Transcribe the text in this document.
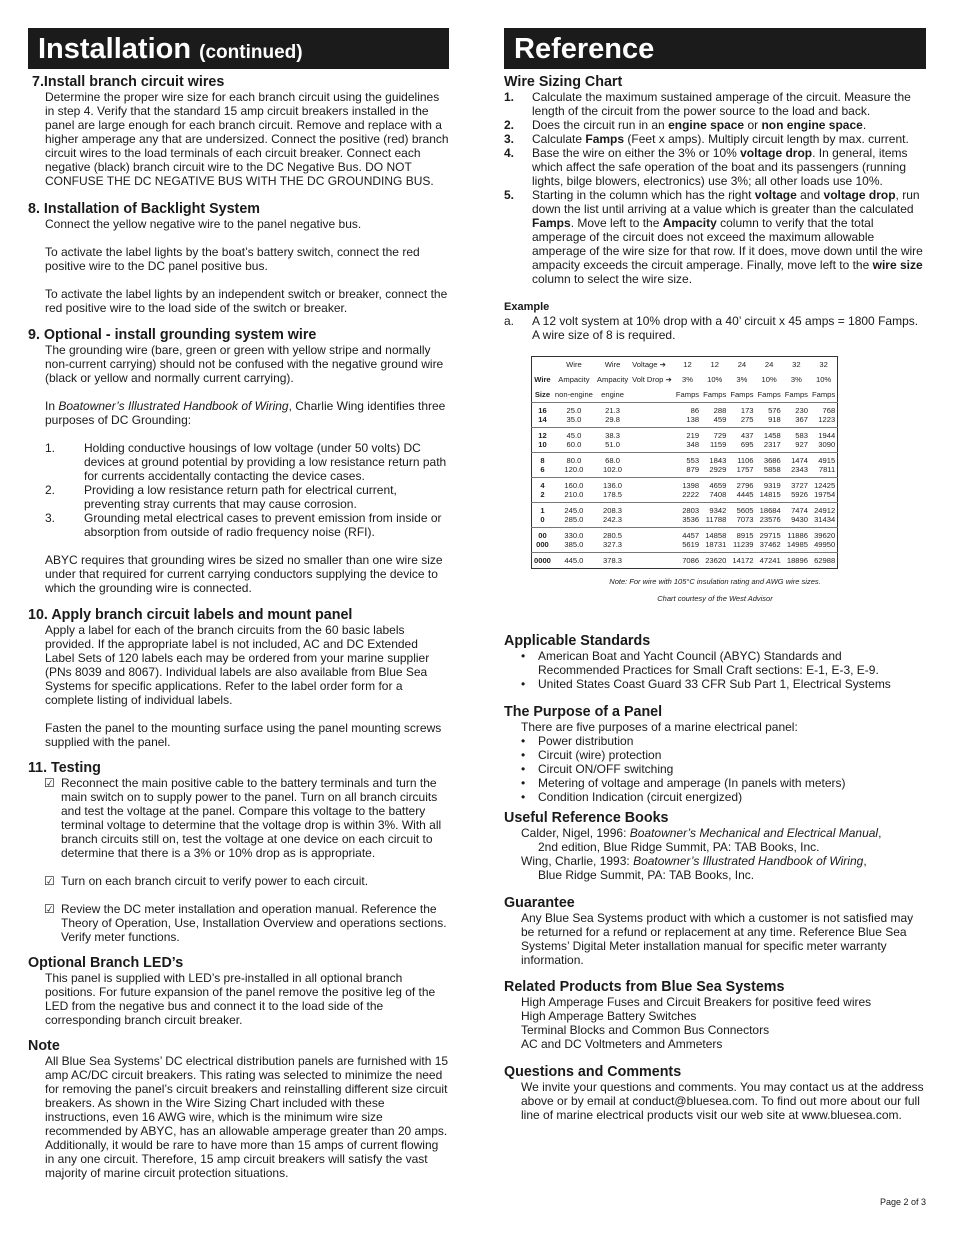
Installation (continued)
7.Install branch circuit wires

Determine the proper wire size for each branch circuit using the guidelines in step 4. Verify that the standard 15 amp circuit breakers installed in the panel are large enough for each branch circuit. Remove and replace with a higher amperage any that are undersized. Connect the positive (red) branch circuit wires to the load terminals of each circuit breaker. Connect each negative (black) branch circuit wire to the DC Negative Bus. DO NOT CONFUSE THE DC NEGATIVE BUS WITH THE DC GROUNDING BUS.

8. Installation of Backlight System

Connect the yellow negative wire to the panel negative bus.

To activate the label lights by the boat’s battery switch, connect the red positive wire to the DC panel positive bus.

To activate the label lights by an independent switch or breaker, connect the red positive wire to the load side of the switch or breaker.

9. Optional - install grounding system wire

The grounding wire (bare, green or green with yellow stripe and normally non-current carrying) should not be confused with the negative ground wire (black or yellow and normally current carrying).

In Boatowner’s Illustrated Handbook of Wiring, Charlie Wing identifies three purposes of DC Grounding:

1.	Holding conductive housings of low voltage (under 50 volts) DC devices at ground potential by providing a low resistance return path for currents accidentally contacting the device cases.
2.	Providing a low resistance return path for electrical current, preventing stray currents that may cause corrosion.
3.	Grounding metal electrical cases to prevent emission from inside or absorption from outside of radio frequency noise (RFI).

ABYC requires that grounding wires be sized no smaller than one wire size under that required for current carrying conductors supplying the device to which the grounding wire is connected.

10. Apply branch circuit labels and mount panel

Apply a label for each of the branch circuits from the 60 basic labels provided. If the appropriate label is not included, AC and DC Extended Label Sets of 120 labels each may be ordered from your marine supplier (PNs 8039 and 8067). Individual labels are also available from Blue Sea Systems for specific applications. Refer to the label order form for a complete listing of individual labels.

Fasten the panel to the mounting surface using the panel mounting screws supplied with the panel.

11. Testing
☑ Reconnect the main positive cable to the battery terminals and turn the main switch on to supply power to the panel. Turn on all branch circuits and test the voltage at the panel. Compare this voltage to the battery terminal voltage to determine that the voltage drop is within 3%. With all branch circuits still on, test the voltage at one device on each circuit to determine that there is a 3% or 10% drop as is appropriate.
☑ Turn on each branch circuit to verify power to each circuit.
☑ Review the DC meter installation and operation manual. Reference the Theory of Operation, Use, Installation Overview and operations sections. Verify meter functions.
Optional Branch LED’s

This panel is supplied with LED’s pre-installed in all optional branch positions. For future expansion of the panel remove the positive leg of the LED from the negative bus and connect it to the load side of the corresponding branch circuit breaker.

Note

All Blue Sea Systems’ DC electrical distribution panels are furnished with 15 amp AC/DC circuit breakers. This rating was selected to minimize the need for removing the panel’s circuit breakers and reinstalling different size circuit breakers. As shown in the Wire Sizing Chart included with these instructions, even 16 AWG wire, which is the minimum wire size recommended by ABYC, has an allowable amperage greater than 20 amps. Additionally, it would be rare to have more than 15 amps of current flowing in any one circuit. Therefore, 15 amp circuit breakers will satisfy the vast majority of marine circuit protection situations.

Reference
Wire Sizing Chart
1.	Calculate the maximum sustained amperage of the circuit. Measure the length of the circuit from the power source to the load and back.
2.	Does the circuit run in an engine space or non engine space.
3.	Calculate Famps (Feet x amps). Multiply circuit length by max. current.
4.	Base the wire on either the 3% or 10% voltage drop. In general, items which affect the safe operation of the boat and its passengers (running lights, bilge blowers, electronics) use 3%; all other loads use 10%.
5.	Starting in the column which has the right voltage and voltage drop, run down the list until arriving at a value which is greater than the calculated Famps. Move left to the Ampacity column to verify that the total amperage of the circuit does not exceed the maximum allowable amperage of the wire size for that row. If it does, move down until the wire ampacity exceeds the circuit amperage. Finally, move left to the wire size column to select the wire size.

Example

a.	A 12 volt system at 10% drop with a 40’ circuit x 45 amps = 1800 Famps. A wire size of 8 is required.
	Wire	Wire	Voltage ➔	12	12	24	24	32	32
Wire	Ampacity	Ampacity	Volt Drop ➔	3%	10%	3%	10%	3%	10%
Size	non-engine	engine		Famps	Famps	Famps	Famps	Famps	Famps
16	25.0	21.3		86	288	173	576	230	768
14	35.0	29.8		138	459	275	918	367	1223
12	45.0	38.3		219	729	437	1458	583	1944
10	60.0	51.0		348	1159	695	2317	927	3090
8	80.0	68.0		553	1843	1106	3686	1474	4915
6	120.0	102.0		879	2929	1757	5858	2343	7811
4	160.0	136.0		1398	4659	2796	9319	3727	12425
2	210.0	178.5		2222	7408	4445	14815	5926	19754
1	245.0	208.3		2803	9342	5605	18684	7474	24912
0	285.0	242.3		3536	11788	7073	23576	9430	31434
00	330.0	280.5		4457	14858	8915	29715	11886	39620
000	385.0	327.3		5619	18731	11239	37462	14985	49950
0000	445.0	378.3		7086	23620	14172	47241	18896	62988
Note: For wire with 105°C insulation rating and AWG wire sizes.
Chart courtesy of the West Advisor
Applicable Standards
•	American Boat and Yacht Council (ABYC) Standards and Recommended Practices for Small Craft sections: E-1, E-3, E-9.
•	United States Coast Guard 33 CFR Sub Part 1, Electrical Systems
The Purpose of a Panel

There are five purposes of a marine electrical panel:

•	Power distribution
•	Circuit (wire) protection
•	Circuit ON/OFF switching
•	Metering of voltage and amperage (In panels with meters)
•	Condition Indication (circuit energized)
Useful Reference Books

Calder, Nigel, 1996: Boatowner’s Mechanical and Electrical Manual,

2nd edition, Blue Ridge Summit, PA: TAB Books, Inc.

Wing, Charlie, 1993: Boatowner’s Illustrated Handbook of Wiring,

Blue Ridge Summit, PA: TAB Books, Inc.

Guarantee

Any Blue Sea Systems product with which a customer is not satisfied may be returned for a refund or replacement at any time. Reference Blue Sea Systems’ Digital Meter installation manual for specific meter warranty information.

Related Products from Blue Sea Systems

High Amperage Fuses and Circuit Breakers for positive feed wires

High Amperage Battery Switches

Terminal Blocks and Common Bus Connectors

AC and DC Voltmeters and Ammeters

Questions and Comments

We invite your questions and comments. You may contact us at the address above or by email at conduct@bluesea.com. To find out more about our full line of marine electrical products visit our web site at www.bluesea.com.

Page 2 of 3
